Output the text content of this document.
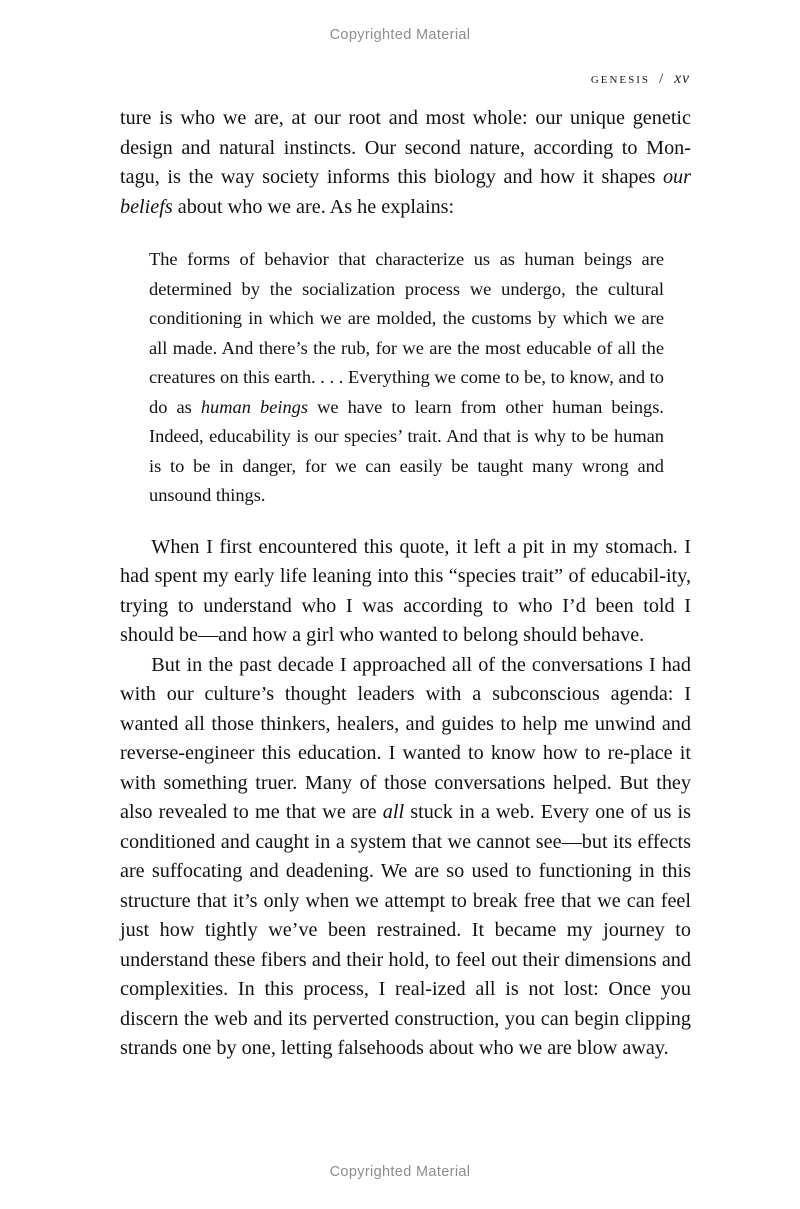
Copyrighted Material
genesis / xv

ture is who we are, at our root and most whole: our unique genetic design and natural instincts. Our second nature, according to Mon-tagu, is the way society informs this biology and how it shapes our beliefs about who we are. As he explains:

The forms of behavior that characterize us as human beings are determined by the socialization process we undergo, the cultural conditioning in which we are molded, the customs by which we are all made. And there’s the rub, for we are the most educable of all the creatures on this earth. . . . Everything we come to be, to know, and to do as human beings we have to learn from other human beings. Indeed, educability is our species’ trait. And that is why to be human is to be in danger, for we can easily be taught many wrong and unsound things.

When I first encountered this quote, it left a pit in my stomach. I had spent my early life leaning into this “species trait” of educabil-ity, trying to understand who I was according to who I’d been told I should be—and how a girl who wanted to belong should behave.

But in the past decade I approached all of the conversations I had with our culture’s thought leaders with a subconscious agenda: I wanted all those thinkers, healers, and guides to help me unwind and reverse-engineer this education. I wanted to know how to re-place it with something truer. Many of those conversations helped. But they also revealed to me that we are all stuck in a web. Every one of us is conditioned and caught in a system that we cannot see—but its effects are suffocating and deadening. We are so used to functioning in this structure that it’s only when we attempt to break free that we can feel just how tightly we’ve been restrained. It became my journey to understand these fibers and their hold, to feel out their dimensions and complexities. In this process, I real-ized all is not lost: Once you discern the web and its perverted construction, you can begin clipping strands one by one, letting falsehoods about who we are blow away.

Copyrighted Material
